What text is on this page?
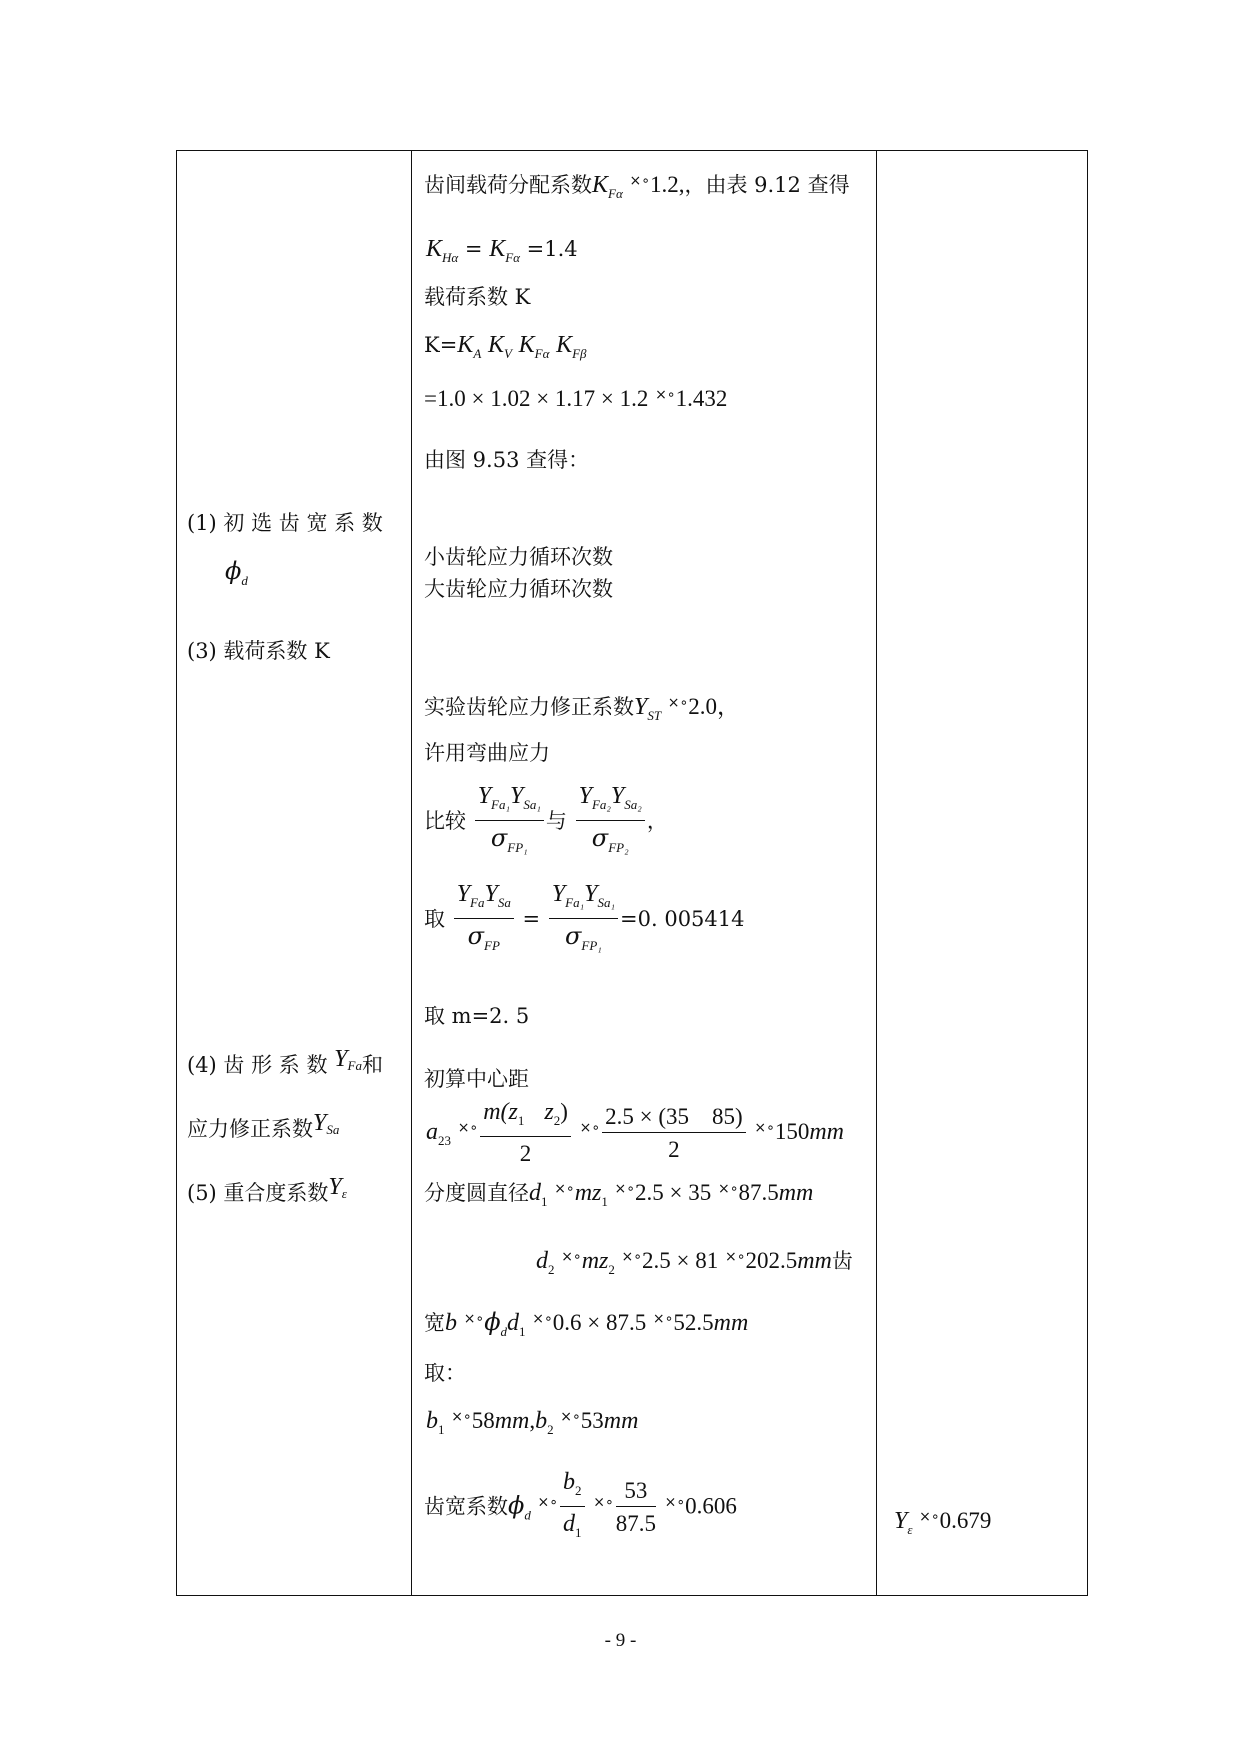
(1) 初 选 齿 宽 系 数
$\phi_d$
(3) 载荷系数 K
(4) 齿 形 系 数 YFa和
应力修正系数YSa
(5) 重合度系数Yε
齿间载荷分配系数$K_{F\alpha}$ ×∘1.2,，由表 9.12 查得
$K_{H\alpha} = K_{F\alpha} =1.4$
载荷系数 K
$K=K_A$ $K_V$ $K_{F\alpha}$ $K_{F\beta}$
=1.0 × 1.02 × 1.17 × 1.2 ×∘1.432
由图 9.53 查得：
小齿轮应力循环次数
大齿轮应力循环次数
实验齿轮应力修正系数$Y_{ST}$ ×∘2.0，
许用弯曲应力
比较 $\frac{Y_{Fa_1}Y_{Sa_1}}{\sigma_{FP_1}}$ 与 $\frac{Y_{Fa_2}Y_{Sa_2}}{\sigma_{FP_2}}$ ，
取 $\frac{Y_{Fa}Y_{Sa}}{\sigma_{FP}} = \frac{Y_{Fa_1}Y_{Sa_1}}{\sigma_{FP_1}} =0$. 005414
取 m=2. 5
初算中心距
$a_{23}$ $^{\times\circ} \frac{m(z_1 z_2)}{2} ^{\times\circ} \frac{2.5 \times (35 85)}{2} ^{\times\circ}150mm$
分度圆直径$d_1$ $^{\times\circ}mz_1$ ×∘2.5 × 35 ×∘87.5mm
$d_2$ $^{\times\circ}mz_2$ ×∘2.5 × 81 ×∘202.5mm齿
宽b $^{\times\circ}\phi_dd_1$ ×∘0.6 × 87.5 ×∘52.5mm
取：
$b_1$ $^{\times\circ}58mm,b_2$ ×∘53mm
齿宽系数$\phi_d$ $^{\times\circ} \frac{b_2}{d_1} ^{\times\circ} \frac{53}{87.5} ^{\times\circ}0.606$
$Y_\varepsilon$ ×∘0.679
- 9 -
